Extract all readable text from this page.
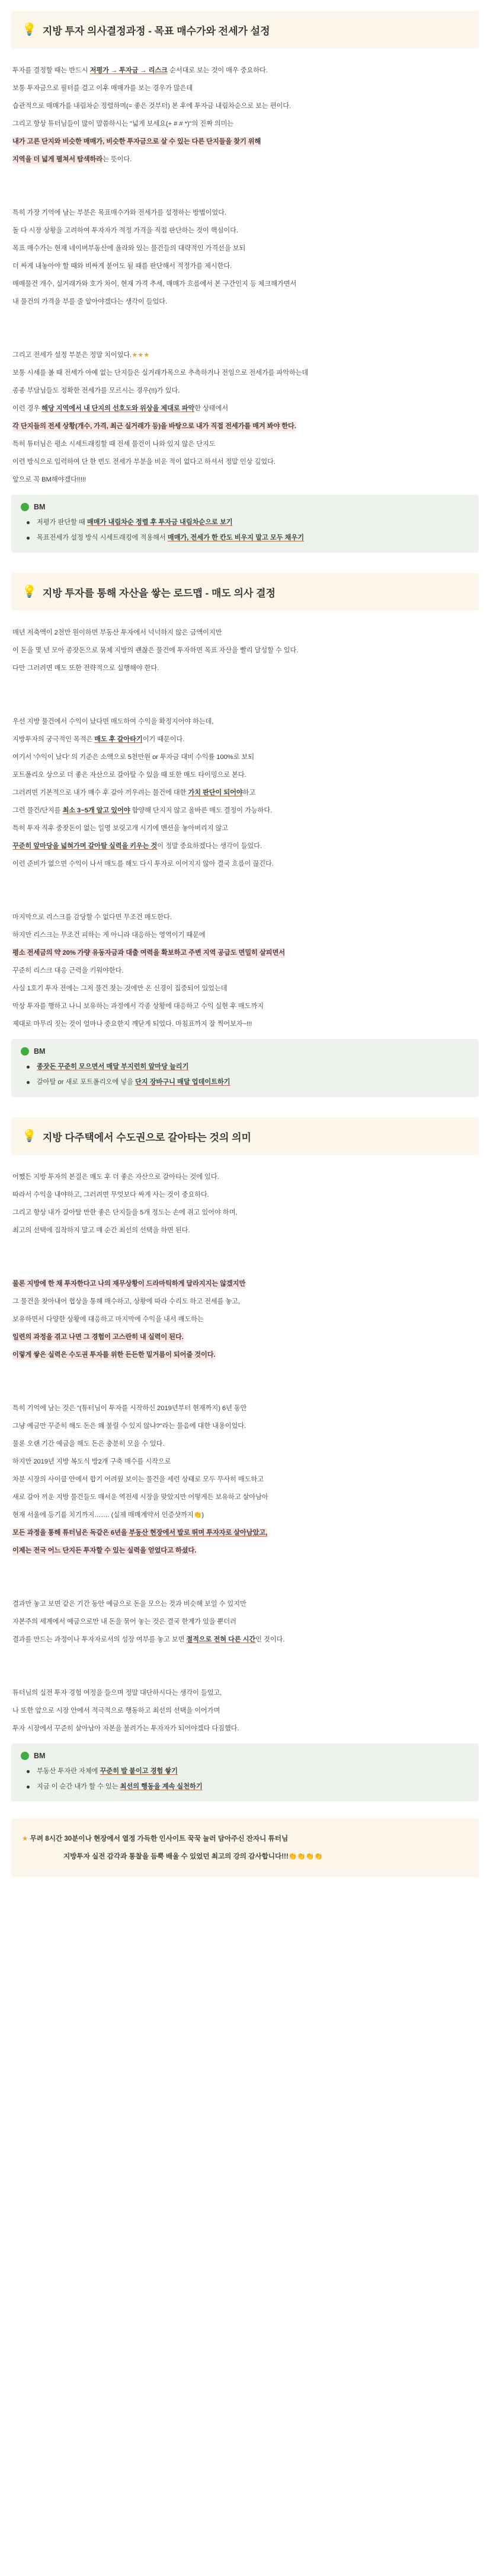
💡 지방 투자 의사결정과정 - 목표 매수가와 전세가 설정
투자를 결정할 때는 반드시 저평가 → 투자금 → 리스크 순서대로 보는 것이 매우 중요하다.
보통 투자금으로 필터를 걸고 이후 매매가를 보는 경우가 많은데
습관적으로 매매가를 내림차순 정렬하며(= 좋은 것부터) 본 후에 투자금 내림차순으로 보는 편이다.
그리고 항상 튜터님들이 많이 말씀하시는 "넓게 보세요(+ # # *)"의 진짜 의미는
내가 고른 단지와 비슷한 매매가, 비슷한 투자금으로 살 수 있는 다른 단지들을 찾기 위해
지역을 더 넓게 펼쳐서 탐색하라는 뜻이다.
특히 가장 기억에 남는 부분은 목표매수가와 전세가를 설정하는 방법이었다.
돌 다 시장 상황을 고려하여 투자자가 적정 가격을 직접 판단하는 것이 핵심이다.
목표 매수가는 현재 네이버부동산에 올라와 있는 물건들의 대략적인 가격선을 보되
더 싸게 내놓아야 할 때와 비싸게 붙어도 될 때를 판단해서 적정가를 제시한다.
매매물건 개수, 실거래가와 호가 차이, 현재 가격 추세, 매매가 흐름에서 본 구간인지 등 체크해가면서
내 물건의 가격을 부를 줄 알아야겠다는 생각이 들었다.
그리고 전세가 설정 부분은 정말 치이었다.★★★
보통 시세를 볼 때 전세가 아예 없는 단지들은 실거래가목으로 추측하거나 전임으로 전세가를 파악하는데
종종 부담님들도 정확한 전세가를 모르시는 경우(!!)가 있다.
이런 경우 해당 지역에서 내 단지의 선호도와 위상을 제대로 파악한 상태에서
각 단지들의 전세 상황(개수, 가격, 최근 실거래가 등)을 바탕으로 내가 직접 전세가를 매겨 봐야 한다.
특히 튜터님은 평소 시세트래킹할 때 전세 물건이 나와 있지 않은 단지도
이런 방식으로 입력하여 단 한 번도 전세가 부분을 비운 적이 없다고 하셔서 정말 인상 깊었다.
앞으로 꼭 BM해야겠다!!!!!
BM
저평가 판단할 때 매매가 내림차순 정렬 후 투자금 내림차순으로 보기
목표전세가 설정 방식 시세트래킹에 적용해서 매매가, 전세가 한 칸도 비우지 말고 모두 채우기
💡 지방 투자를 통해 자산을 쌓는 로드맵 - 매도 의사 결정
매년 저축액이 2천만 원이하면 부동산 투자에서 넉넉하지 않은 금액이지만
이 돈을 몇 년 모아 종잣돈으로 묶체 지방의 괜찮은 물건에 투자하면 목표 자산을 빨리 달성할 수 있다.
다만 그러려면 매도 또한 전략적으로 실행해야 한다.
우선 지방 물건에서 수익이 났다면 매도하여 수익을 확정지어야 하는데,
지방투자의 궁극적인 목적은 매도 후 갈아타기이기 때문이다.
여기서 '수익이 났다' 의 기준은 소액으로 5천만원 or 투자금 대비 수익률 100%로 보되
포트폴리오 상으로 더 좋은 자산으로 갈아탈 수 있을 때 또한 매도 타이밍으로 본다.
그러려면 기본적으로 내가 매수 후 갈아 끼우려는 물건에 대한 가치 판단이 되어야하고
그런 물건/단지를 최소 3~5개 알고 있어야 함양해 단지지 않고 올바른 매도 결정이 가능하다.
특히 투자 직후 중잣돈이 없는 일명 보릿고개 시기에 멘션을 놓아버리지 않고
꾸준히 앞마당을 넓혀가며 갈아탈 실력을 키우는 것이 정말 중요하겠다는 생각이 들었다.
이런 준비가 없으면 수익이 나서 매도를 해도 다시 투자로 이어지지 않아 결국 흐름이 끊긴다.
마지막으로 리스크를 감당할 수 없다면 무조건 매도한다.
하지만 리스크는 무조건 피하는 게 아니라 대응하는 영역이기 때문에
평소 전세금의 약 20% 가량 유동자금과 대출 여력을 확보하고 주변 지역 공급도 면밀히 살피면서
꾸준히 리스크 대응 근력을 키워야한다.
사실 1호기 투자 전에는 그저 물건 찾는 것에만 온 신경이 집중되어 있었는데
막상 투자를 행하고 나니 보유하는 과정에서 각종 상황에 대응하고 수익 실현 후 매도까지
제대로 마무리 짓는 것이 얼마나 중요한지 깨닫게 되었다. 마침표까지 잘 찍어보자~!!!
BM
종잣돈 꾸준히 모으면서 매달 부지런히 앞마당 늘리기
갈아탈 or 새로 포트폴리오에 넣을 단지 장바구니 매달 업데이트하기
💡 지방 다주택에서 수도권으로 갈아타는 것의 의미
어쨌든 지방 투자의 본질은 매도 후 더 좋은 자산으로 갈아타는 것에 있다.
따라서 수익을 내야하고, 그러려면 무엇보다 싸게 사는 것이 중요하다.
그리고 항상 내가 갈아탈 만한 좋은 단지들을 5개 정도는 손에 쥐고 있어야 하며,
최고의 선택에 집착하지 말고 매 순간 최선의 선택을 하면 된다.
물론 지방에 한 채 투자한다고 나의 재무상황이 드라마틱하게 달라지지는 않겠지만
그 물건을 찾아내어 협상을 통해 매수하고, 상황에 따라 수리도 하고 전세를 놓고,
보유하면서 다양한 상황에 대응하고 마지막에 수익을 내서 매도하는
일련의 과정을 겪고 나면 그 경험이 고스란히 내 실력이 된다.
이렇게 쌓은 실력은 수도권 투자를 위한 든든한 밑거름이 되어줄 것이다.
특히 기억에 남는 것은 "(튜터님이 투자를 시작하신 2019년부터 현재까지) 6년 동안
그냥 예금만 꾸준히 해도 돈은 왜 불릴 수 있지 않냐?"라는 물음에 대한 내용이었다.
물론 오랜 기간 예금을 해도 돈은 충분히 모을 수 있다.
하지만 2019년 지방 복도식 방2개 구축 매수를 시작으로
차분 시장의 사이클 안에서 합기 어려웠 보이는 물건을 세런 상태로 모두 무사히 매도하고
새로 갈아 끼운 지방 물건들도 매서운 역전세 시장을 맞았지만 어떻게든 보유하고 살아남아
현재 서울에 등기를 치기까지……. (실제 매매계약서 인증샷까지👏)
모든 과정을 통해 튜터님은 독같은 6년을 부동산 현장에서 발로 뛰며 투자자로 살아남았고,
이제는 전국 어느 단지든 투자할 수 있는 실력을 얻었다고 하셨다.
결과만 놓고 보면 같은 기간 동안 예금으로 돈을 모으는 것과 비슷해 보일 수 있지만
자본주의 세계에서 예금으로만 내 돈을 묶어 놓는 것은 결국 한계가 있을 뿐더러
결과를 만드는 과정이나 투자자로서의 성장 여부를 놓고 보면 절적으로 전혀 다른 시간인 것이다.
튜터님의 실전 투자 경험 여정을 들으며 정말 대단하시다는 생각이 들었고,
나 또한 앞으로 시장 안에서 적극적으로 행동하고 최선의 선택을 이어가며
투자 시장에서 꾸준히 살아남아 자본을 불려가는 투자자가 되어야겠다 다짐했다.
BM
부동산 투자란 자체에 꾸준히 발 붙이고 경험 쌓기
지금 이 순간 내가 할 수 있는 최선의 행동을 계속 실천하기
★ 무려 8시간 30분이나 현장에서 열정 가득한 인사이트 꾹꾹 눌러 담아주신 잔자니 튜터님
지방투자 실전 감각과 통찰을 듬뿍 배울 수 있었던 최고의 강의 감사합니다!!!👏👏👏👏
